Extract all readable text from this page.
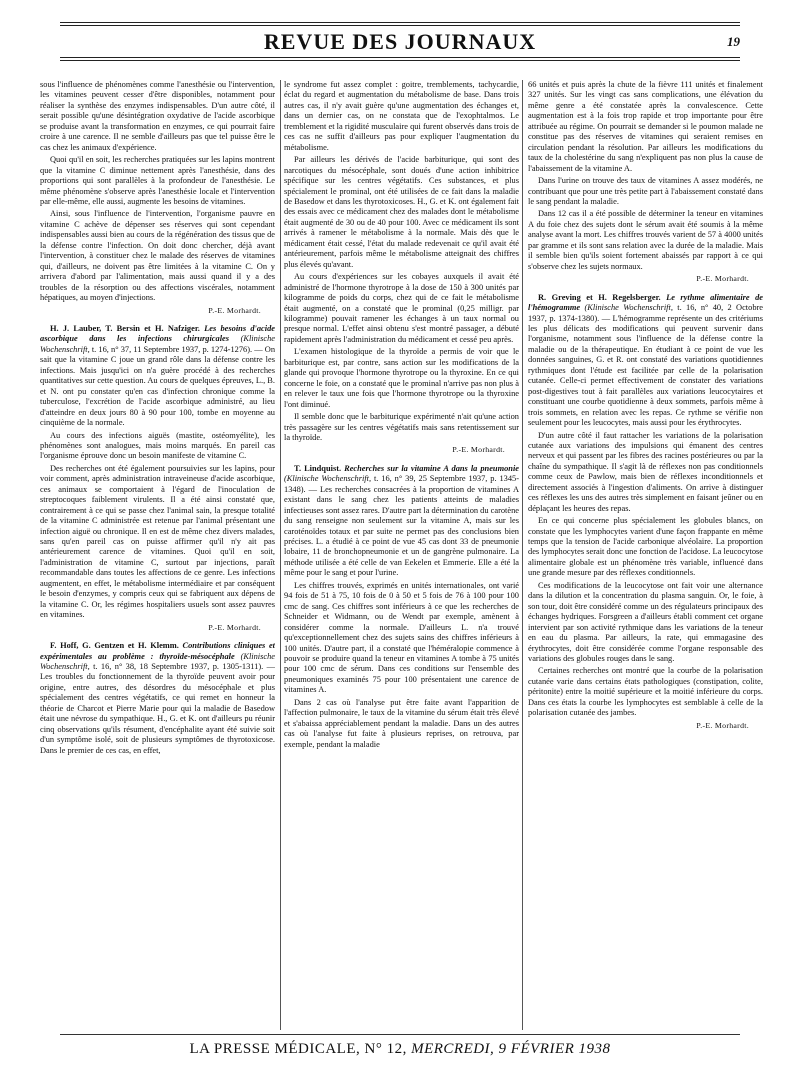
REVUE DES JOURNAUX	19

sous l'influence de phénomènes comme l'anesthésie ou l'intervention, les vitamines peuvent cesser d'être disponibles, notamment pour réaliser la synthèse des enzymes indispensables. D'un autre côté, il serait possible qu'une désintégration oxydative de l'acide ascorbique se produise avant la transformation en enzymes, ce qui pourrait faire croire à une carence. Il ne semble d'ailleurs pas que tel puisse être le cas chez les animaux d'expérience.

Quoi qu'il en soit, les recherches pratiquées sur les lapins montrent que la vitamine C diminue nettement après l'anesthésie, dans des proportions qui sont parallèles à la profondeur de l'anesthésie. Le même phénomène s'observe après l'anesthésie locale et l'intervention par elle-même, elle aussi, augmente les besoins de vitamines.

Ainsi, sous l'influence de l'intervention, l'organisme pauvre en vitamine C achève de dépenser ses réserves qui sont cependant indispensables aussi bien au cours de la régénération des tissus que de la défense contre l'infection. On doit donc chercher, déjà avant l'intervention, à constituer chez le malade des réserves de vitamines qui, d'ailleurs, ne doivent pas être limitées à la vitamine C. On y arrivera d'abord par l'alimentation, mais aussi quand il y a des troubles de la résorption ou des affections viscérales, notamment hépatiques, au moyen d'injections.

P.-E. Morhardt.

H. J. Lauber, T. Bersin et H. Nafziger. Les besoins d'acide ascorbique dans les infections chirurgicales (Klinische Wochenschrift, t. 16, n° 37, 11 Septembre 1937, p. 1274-1276). — On sait que la vitamine C joue un grand rôle dans la défense contre les infections. Mais jusqu'ici on n'a guère procédé à des recherches quantitatives sur cette question. Au cours de quelques épreuves, L., B. et N. ont pu constater qu'en cas d'infection chronique comme la tuberculose, l'excrétion de l'acide ascorbique administré, au lieu d'atteindre en deux jours 80 à 90 pour 100, tombe en moyenne au cinquième de la normale.

Au cours des infections aiguës (mastite, ostéomyélite), les phénomènes sont analogues, mais moins marqués. En pareil cas l'organisme éprouve donc un besoin manifeste de vitamine C.

Des recherches ont été également poursuivies sur les lapins, pour voir comment, après administration intraveineuse d'acide ascorbique, ces animaux se comportaient à l'égard de l'inoculation de streptocoques faiblement virulents. Il a été ainsi constaté que, contrairement à ce qui se passe chez l'animal sain, la presque totalité de la vitamine C administrée est retenue par l'animal présentant une infection aiguë ou chronique. Il en est de même chez divers malades, sans qu'en pareil cas on puisse affirmer qu'il n'y ait pas antérieurement carence de vitamines. Quoi qu'il en soit, l'administration de vitamine C, surtout par injections, paraît recommandable dans toutes les affections de ce genre. Les infections augmentent, en effet, le métabolisme intermédiaire et par conséquent le besoin d'enzymes, y compris ceux qui se fabriquent aux dépens de la vitamine C. Or, les régimes hospitaliers usuels sont assez pauvres en vitamines.

P.-E. Morhardt.

F. Hoff, G. Gentzen et H. Klemm. Contributions cliniques et expérimentales au problème : thyroïde-mésocéphale (Klinische Wochenschrift, t. 16, n° 38, 18 Septembre 1937, p. 1305-1311). — Les troubles du fonctionnement de la thyroïde peuvent avoir pour origine, entre autres, des désordres du mésocéphale et plus spécialement des centres végétatifs, ce qui remet en honneur la théorie de Charcot et Pierre Marie pour qui la maladie de Basedow était une névrose du sympathique. H., G. et K. ont d'ailleurs pu réunir cinq observations qu'ils résument, d'encéphalite ayant été suivie soit d'un symptôme isolé, soit de plusieurs symptômes de thyrotoxicose. Dans le premier de ces cas, en effet,

le syndrome fut assez complet : goitre, tremblements, tachycardie, éclat du regard et augmentation du métabolisme de base. Dans trois autres cas, il n'y avait guère qu'une augmentation des échanges et, dans un dernier cas, on ne constata que de l'exophtalmos. Le tremblement et la rigidité musculaire qui furent observés dans trois de ces cas ne suffit d'ailleurs pas pour expliquer l'augmentation du métabolisme.

Par ailleurs les dérivés de l'acide barbiturique, qui sont des narcotiques du mésocéphale, sont doués d'une action inhibitrice spécifique sur les centres végétatifs. Ces substances, et plus spécialement le prominal, ont été utilisées de ce fait dans la maladie de Basedow et dans les thyrotoxicoses. H., G. et K. ont également fait des essais avec ce médicament chez des malades dont le métabolisme était augmenté de 30 ou de 40 pour 100. Avec ce médicament ils sont arrivés à ramener le métabolisme à la normale. Mais dès que le médicament était cessé, l'état du malade redevenait ce qu'il avait été antérieurement, parfois même le métabolisme atteignait des chiffres plus élevés qu'avant.

Au cours d'expériences sur les cobayes auxquels il avait été administré de l'hormone thyrotrope à la dose de 150 à 300 unités par kilogramme de poids du corps, chez qui de ce fait le métabolisme était augmenté, on a constaté que le prominal (0,25 milligr. par kilogramme) pouvait ramener les échanges à un taux normal ou presque normal. L'effet ainsi obtenu s'est montré passager, a débuté rapidement après l'administration du médicament et cessé peu après.

L'examen histologique de la thyroïde a permis de voir que le barbiturique est, par contre, sans action sur les modifications de la glande qui provoque l'hormone thyrotrope ou la thyroxine. En ce qui concerne le foie, on a constaté que le prominal n'arrive pas non plus à en relever le taux une fois que l'hormone thyrotrope ou la thyroxine l'ont diminué.

Il semble donc que le barbiturique expérimenté n'ait qu'une action très passagère sur les centres végétatifs mais sans retentissement sur la thyroïde.

P.-E. Morhardt.

T. Lindquist. Recherches sur la vitamine A dans la pneumonie (Klinische Wochenschrift, t. 16, n° 39, 25 Septembre 1937, p. 1345-1348). — Les recherches consacrées à la proportion de vitamines A existant dans le sang chez les patients atteints de maladies infectieuses sont assez rares. D'autre part la détermination du carotène du sang renseigne non seulement sur la vitamine A, mais sur les caroténoïdes totaux et par suite ne permet pas des conclusions bien précises. L. a étudié à ce point de vue 45 cas dont 33 de pneumonie lobaire, 11 de bronchopneumonie et un de gangrène pulmonaire. La méthode utilisée a été celle de van Eekelen et Emmerie. Elle a été la même pour le sang et pour l'urine.

Les chiffres trouvés, exprimés en unités internationales, ont varié 94 fois de 51 à 75, 10 fois de 0 à 50 et 5 fois de 76 à 100 pour 100 cmc de sang. Ces chiffres sont inférieurs à ce que les recherches de Schneider et Widmann, ou de Wendt par exemple, amènent à considérer comme la normale. D'ailleurs L. n'a trouvé qu'exceptionnellement chez des sujets sains des chiffres inférieurs à 100 unités. D'autre part, il a constaté que l'héméralopie commence à pouvoir se produire quand la teneur en vitamines A tombe à 75 unités pour 100 cmc de sérum. Dans ces conditions sur l'ensemble des pneumoniques examinés 75 pour 100 présentaient une carence de vitamines A.

Dans 2 cas où l'analyse put être faite avant l'apparition de l'affection pulmonaire, le taux de la vitamine du sérum était très élevé et s'abaissa appréciablement pendant la maladie. Dans un des autres cas où l'analyse fut faite à plusieurs reprises, on retrouva, par exemple, pendant la maladie

66 unités et puis après la chute de la fièvre 111 unités et finalement 327 unités. Sur les vingt cas sans complications, une élévation du même genre a été constatée après la convalescence. Cette augmentation est à la fois trop rapide et trop importante pour être attribuée au régime. On pourrait se demander si le poumon malade ne constitue pas des réserves de vitamines qui seraient remises en circulation pendant la résolution. Par ailleurs les modifications du taux de la cholestérine du sang n'expliquent pas non plus la cause de l'abaissement de la vitamine A.

Dans l'urine on trouve des taux de vitamines A assez modérés, ne contribuant que pour une très petite part à l'abaissement constaté dans le sang pendant la maladie.

Dans 12 cas il a été possible de déterminer la teneur en vitamines A du foie chez des sujets dont le sérum avait été soumis à la même analyse avant la mort. Les chiffres trouvés varient de 57 à 4000 unités par gramme et ils sont sans relation avec la durée de la maladie. Mais il semble bien qu'ils soient fortement abaissés par rapport à ce qui s'observe chez les sujets normaux.

P.-E. Morhardt.

R. Greving et H. Regelsberger. Le rythme alimentaire de l'hémogramme (Klinische Wochenschrift, t. 16, n° 40, 2 Octobre 1937, p. 1374-1380). — L'hémogramme représente un des critériums les plus délicats des modifications qui peuvent survenir dans l'organisme, notamment sous l'influence de la défense contre la maladie ou de la thérapeutique. En étudiant à ce point de vue les données sanguines, G. et R. ont constaté des variations quotidiennes rythmiques dont l'étude est facilitée par celle de la polarisation cutanée. Celle-ci permet effectivement de constater des variations post-digestives tout à fait parallèles aux variations leucocytaires et constituant une courbe quotidienne à deux sommets, parfois même à trois sommets, en relation avec les repas. Ce rythme se vérifie non seulement pour les leucocytes, mais aussi pour les érythrocytes.

D'un autre côté il faut rattacher les variations de la polarisation cutanée aux variations des impulsions qui émanent des centres nerveux et qui passent par les fibres des racines postérieures ou par la chaîne du sympathique. Il s'agit là de réflexes non pas conditionnels comme ceux de Pawlow, mais bien de réflexes inconditionnels et directement associés à l'ingestion d'aliments. On arrive à distinguer ces réflexes les uns des autres très simplement en faisant jeûner ou en déplaçant les heures des repas.

En ce qui concerne plus spécialement les globules blancs, on constate que les lymphocytes varient d'une façon frappante en même temps que la tension de l'acide carbonique alvéolaire. La proportion des lymphocytes serait donc une fonction de l'acidose. La leucocytose alimentaire globale est un phénomène très variable, influencé dans une grande mesure par des réflexes conditionnels.

Ces modifications de la leucocytose ont fait voir une alternance dans la dilution et la concentration du plasma sanguin. Or, le foie, à son tour, doit être considéré comme un des régulateurs principaux des échanges hydriques. Forsgreen a d'ailleurs établi comment cet organe intervient par son activité rythmique dans les variations de la teneur en eau du plasma. Par ailleurs, la rate, qui emmagasine des érythrocytes, doit être considérée comme l'organe responsable des variations des globules rouges dans le sang.

Certaines recherches ont montré que la courbe de la polarisation cutanée varie dans certains états pathologiques (constipation, colite, péritonite) entre la moitié supérieure et la moitié inférieure du corps. Dans ces états la courbe les lymphocytes est semblable à celle de la polarisation cutanée des jambes.

P.-E. Morhardt.
LA PRESSE MÉDICALE, N° 12, MERCREDI, 9 FÉVRIER 1938
